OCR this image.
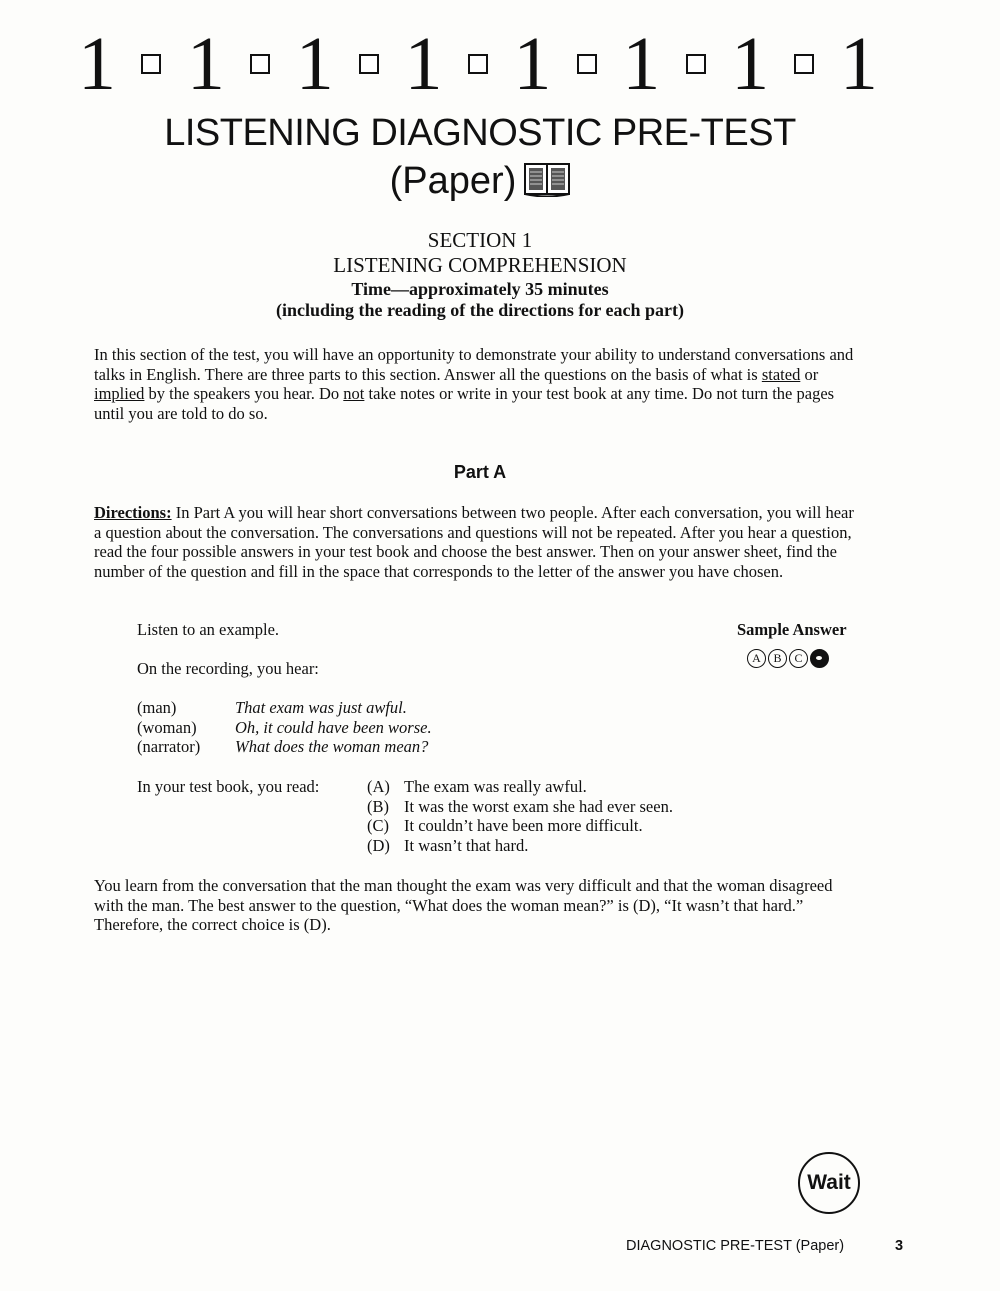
1 1 1 1 1 1 1 1
LISTENING DIAGNOSTIC PRE-TEST
(Paper)
SECTION 1
LISTENING COMPREHENSION
Time—approximately 35 minutes
(including the reading of the directions for each part)
In this section of the test, you will have an opportunity to demonstrate your ability to understand conversations and talks in English. There are three parts to this section. Answer all the questions on the basis of what is stated or implied by the speakers you hear. Do not take notes or write in your test book at any time. Do not turn the pages until you are told to do so.
Part A
Directions: In Part A you will hear short conversations between two people. After each conversation, you will hear a question about the conversation. The conversations and questions will not be repeated. After you hear a question, read the four possible answers in your test book and choose the best answer. Then on your answer sheet, find the number of the question and fill in the space that corresponds to the letter of the answer you have chosen.
Listen to an example.	Sample Answer
A	B	C
On the recording, you hear:
(man)	That exam was just awful.
(woman) Oh, it could have been worse.
(narrator) What does the woman mean?
In your test book, you read:	(A) The exam was really awful.
(B) It was the worst exam she had ever seen.
(C) It couldn’t have been more difficult.
(D) It wasn’t that hard.
You learn from the conversation that the man thought the exam was very difficult and that the woman disagreed with the man. The best answer to the question, “What does the woman mean?” is (D), “It wasn’t that hard.” Therefore, the correct choice is (D).
Wait
DIAGNOSTIC PRE-TEST (Paper)	3
